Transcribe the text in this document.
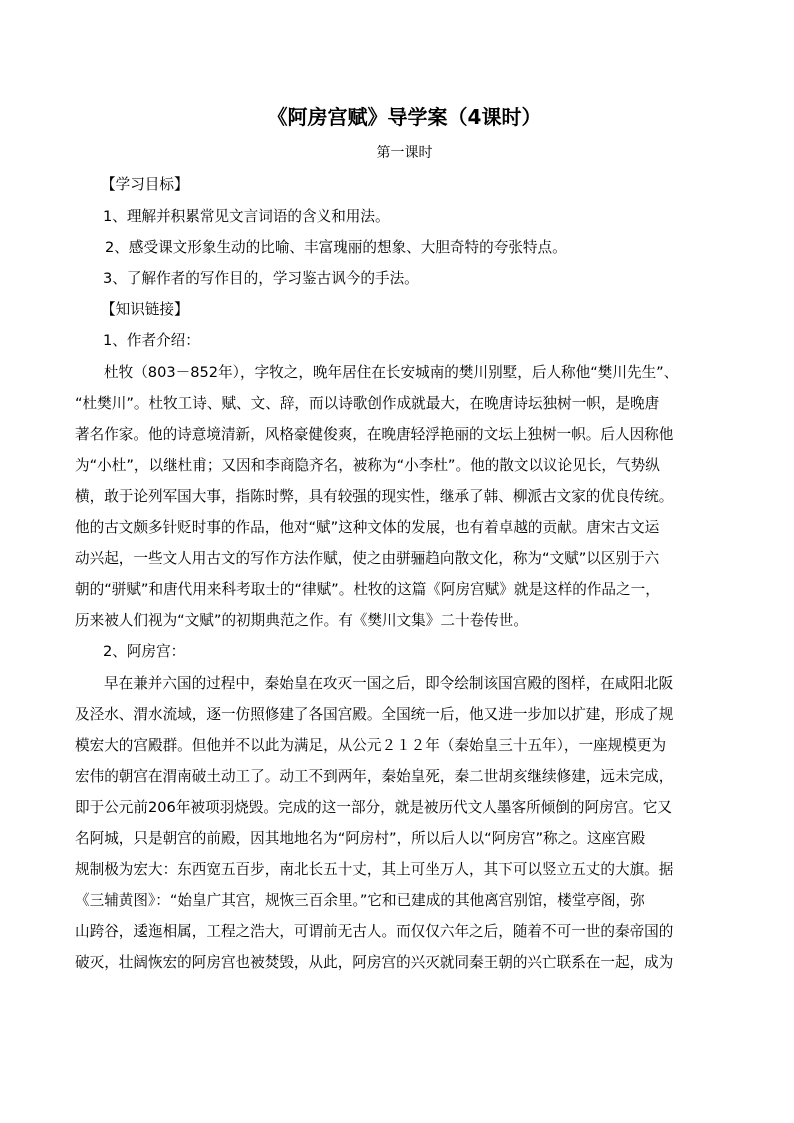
《阿房宫赋》导学案（4课时）

第一课时

【学习目标】

1、理解并积累常见文言词语的含义和用法。

2、感受课文形象生动的比喻、丰富瑰丽的想象、大胆奇特的夸张特点。

3、了解作者的写作目的，学习鉴古讽今的手法。

【知识链接】

1、作者介绍：

杜牧（803－852年），字牧之，晚年居住在长安城南的樊川别墅，后人称他“樊川先生”、
“杜樊川”。杜牧工诗、赋、文、辞，而以诗歌创作成就最大，在晚唐诗坛独树一帜，是晚唐
著名作家。他的诗意境清新，风格豪健俊爽，在晚唐轻浮艳丽的文坛上独树一帜。后人因称他
为“小杜”，以继杜甫；又因和李商隐齐名，被称为“小李杜”。他的散文以议论见长，气势纵
横，敢于论列军国大事，指陈时弊，具有较强的现实性，继承了韩、柳派古文家的优良传统。
他的古文颇多针贬时事的作品，他对“赋”这种文体的发展，也有着卓越的贡献。唐宋古文运
动兴起，一些文人用古文的写作方法作赋，使之由骈骊趋向散文化，称为“文赋”以区别于六
朝的“骈赋”和唐代用来科考取士的“律赋”。杜牧的这篇《阿房宫赋》就是这样的作品之一，
历来被人们视为“文赋”的初期典范之作。有《樊川文集》二十卷传世。

2、阿房宫：

早在兼并六国的过程中，秦始皇在攻灭一国之后，即令绘制该国宫殿的图样，在咸阳北阪
及泾水、渭水流域，逐一仿照修建了各国宫殿。全国统一后，他又进一步加以扩建，形成了规
模宏大的宫殿群。但他并不以此为满足，从公元２１２年（秦始皇三十五年），一座规模更为
宏伟的朝宫在渭南破土动工了。动工不到两年，秦始皇死，秦二世胡亥继续修建，远未完成，
即于公元前206年被项羽烧毁。完成的这一部分，就是被历代文人墨客所倾倒的阿房宫。它又
名阿城，只是朝宫的前殿，因其地地名为“阿房村”，所以后人以“阿房宫”称之。这座宫殿
规制极为宏大：东西宽五百步，南北长五十丈，其上可坐万人，其下可以竖立五丈的大旗。据
《三辅黄图》：“始皇广其宫，规恢三百余里。”它和已建成的其他离宫别馆，楼堂亭阁，弥
山跨谷，逶迤相属，工程之浩大，可谓前无古人。而仅仅六年之后，随着不可一世的秦帝国的
破灭，壮阔恢宏的阿房宫也被焚毁，从此，阿房宫的兴灭就同秦王朝的兴亡联系在一起，成为
